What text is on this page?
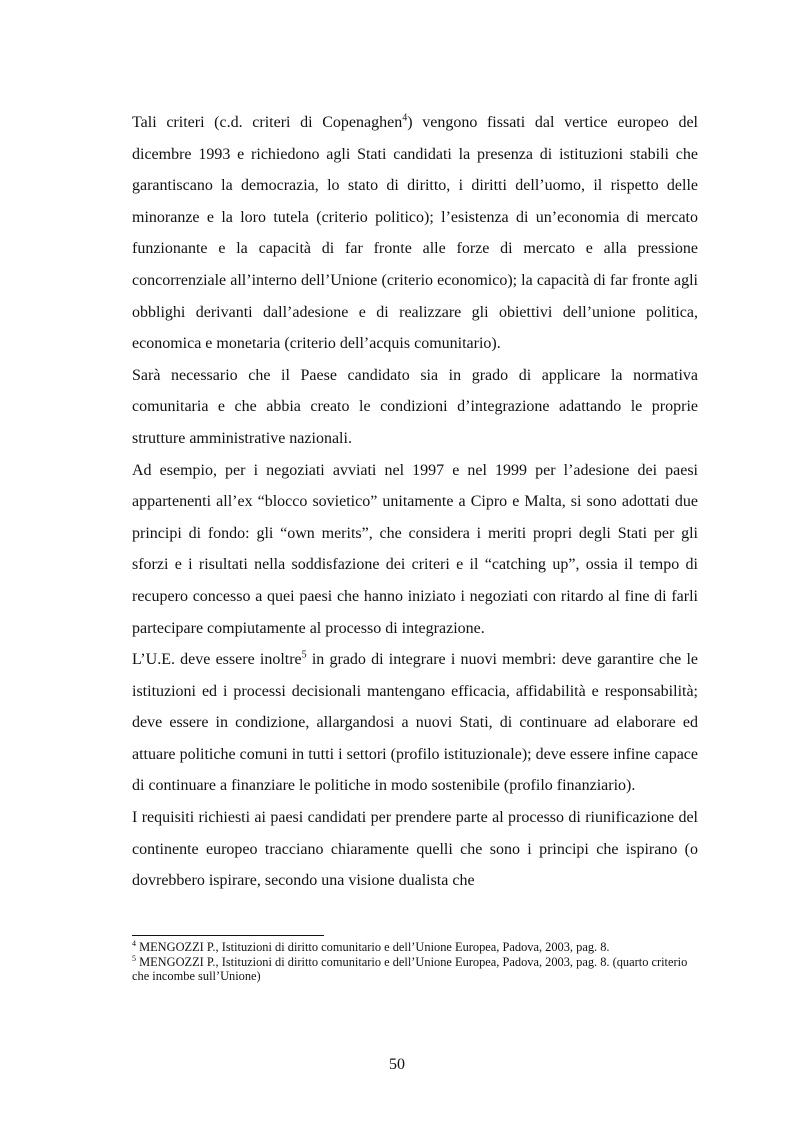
Tali criteri (c.d. criteri di Copenaghen$^4$) vengono fissati dal vertice europeo del dicembre 1993 e richiedono agli Stati candidati la presenza di istituzioni stabili che garantiscano la democrazia, lo stato di diritto, i diritti dell’uomo, il rispetto delle minoranze e la loro tutela (criterio politico); l’esistenza di un’economia di mercato funzionante e la capacità di far fronte alle forze di mercato e alla pressione concorrenziale all’interno dell’Unione (criterio economico); la capacità di far fronte agli obblighi derivanti dall’adesione e di realizzare gli obiettivi dell’unione politica, economica e monetaria (criterio dell’acquis comunitario).

Sarà necessario che il Paese candidato sia in grado di applicare la normativa comunitaria e che abbia creato le condizioni d’integrazione adattando le proprie strutture amministrative nazionali.

Ad esempio, per i negoziati avviati nel 1997 e nel 1999 per l’adesione dei paesi appartenenti all’ex “blocco sovietico” unitamente a Cipro e Malta, si sono adottati due principi di fondo: gli “own merits”, che considera i meriti propri degli Stati per gli sforzi e i risultati nella soddisfazione dei criteri e il “catching up”, ossia il tempo di recupero concesso a quei paesi che hanno iniziato i negoziati con ritardo al fine di farli partecipare compiutamente al processo di integrazione.

L’U.E. deve essere inoltre$^5$ in grado di integrare i nuovi membri: deve garantire che le istituzioni ed i processi decisionali mantengano efficacia, affidabilità e responsabilità; deve essere in condizione, allargandosi a nuovi Stati, di continuare ad elaborare ed attuare politiche comuni in tutti i settori (profilo istituzionale); deve essere infine capace di continuare a finanziare le politiche in modo sostenibile (profilo finanziario).

I requisiti richiesti ai paesi candidati per prendere parte al processo di riunificazione del continente europeo tracciano chiaramente quelli che sono i principi che ispirano (o dovrebbero ispirare, secondo una visione dualista che

$^4$ MENGOZZI P., Istituzioni di diritto comunitario e dell’Unione Europea, Padova, 2003, pag. 8.

$^5$ MENGOZZI P., Istituzioni di diritto comunitario e dell’Unione Europea, Padova, 2003, pag. 8. (quarto criterio che incombe sull’Unione)

50
